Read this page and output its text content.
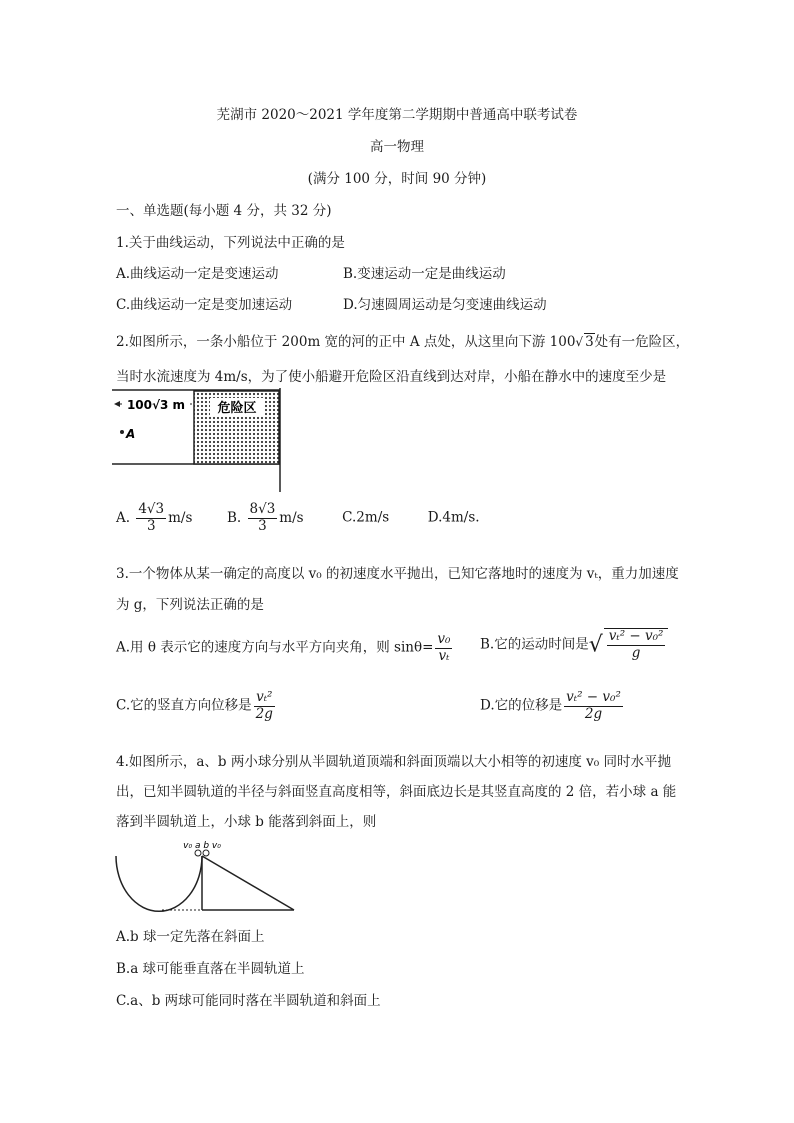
芜湖市 2020～2021 学年度第二学期期中普通高中联考试卷
高一物理
(满分 100 分，时间 90 分钟)
一、单选题(每小题 4 分，共 32 分)
1.关于曲线运动，下列说法中正确的是
A.曲线运动一定是变速运动	B.变速运动一定是曲线运动
C.曲线运动一定是变加速运动	D.匀速圆周运动是匀变速曲线运动
2.如图所示，一条小船位于 200m 宽的河的正中 A 点处，从这里向下游 100√ 3处有一危险区，
当时水流速度为 4m/s，为了使小船避开危险区沿直线到达对岸，小船在静水中的速度至少是
危险区
100√3 m
A
A. $\frac{4√3}{3} m/s$	B. $\frac{8√3}{3} m/s$	C.2m/s	D.4m/s.
3.一个物体从某一确定的高度以 v₀ 的初速度水平抛出，已知它落地时的速度为 vₜ，重力加速度
为 g，下列说法正确的是
A.用 θ 表示它的速度方向与水平方向夹角，则 $\sin\theta= \frac{\text{v₀}}{\text{vₜ}} B$.它的运动时间是√ $\frac{\text{vₜ² − v₀²}}{g}$
C.它的竖直方向位移是 $\frac{\text{vₜ²}}{2g}$	D.它的位移是 $\frac{\text{vₜ² − v₀²}}{2g}$
4.如图所示，a、b 两小球分别从半圆轨道顶端和斜面顶端以大小相等的初速度 v₀ 同时水平抛
出，已知半圆轨道的半径与斜面竖直高度相等，斜面底边长是其竖直高度的 2 倍，若小球 a 能
落到半圆轨道上，小球 b 能落到斜面上，则
v₀ a b v₀
A.b 球一定先落在斜面上
B.a 球可能垂直落在半圆轨道上
C.a、b 两球可能同时落在半圆轨道和斜面上
